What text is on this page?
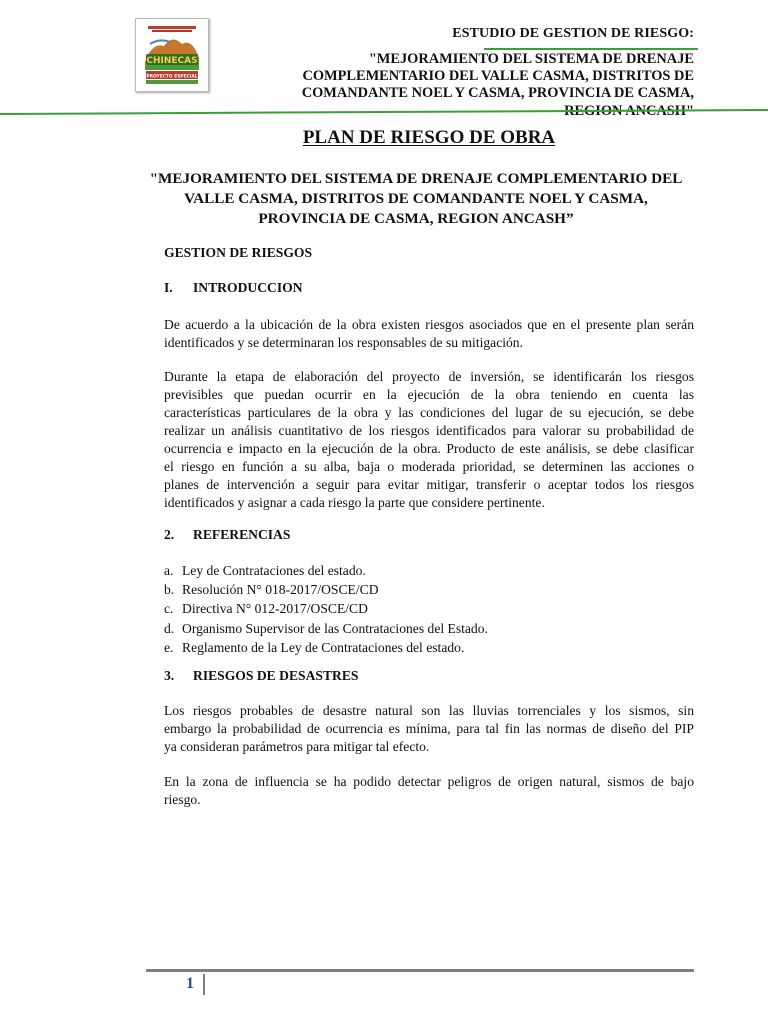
CHINECAS
PROYECTO ESPECIAL
ESTUDIO DE GESTION DE RIESGO:
"MEJORAMIENTO DEL SISTEMA DE DRENAJE
COMPLEMENTARIO DEL VALLE CASMA, DISTRITOS DE
COMANDANTE NOEL Y CASMA, PROVINCIA DE CASMA,
REGION ANCASH"
PLAN DE RIESGO DE OBRA
"MEJORAMIENTO DEL SISTEMA DE DRENAJE COMPLEMENTARIO DEL
VALLE CASMA, DISTRITOS DE COMANDANTE NOEL Y CASMA,
PROVINCIA DE CASMA, REGION ANCASH”
GESTION DE RIESGOS
I. INTRODUCCION
De acuerdo a la ubicación de la obra existen riesgos asociados que en el presente plan serán
identificados y se determinaran los responsables de su mitigación.
Durante la etapa de elaboración del proyecto de inversión, se identificarán los riesgos
previsibles que puedan ocurrir en la ejecución de la obra teniendo en cuenta las
características particulares de la obra y las condiciones del lugar de su ejecución, se debe
realizar un análisis cuantitativo de los riesgos identificados para valorar su probabilidad de
ocurrencia e impacto en la ejecución de la obra. Producto de este análisis, se debe clasificar
el riesgo en función a su alba, baja o moderada prioridad, se determinen las acciones o
planes de intervención a seguir para evitar mitigar, transferir o aceptar todos los riesgos
identificados y asignar a cada riesgo la parte que considere pertinente.
2. REFERENCIAS
a. Ley de Contrataciones del estado.
b. Resolución N° 018-2017/OSCE/CD
c. Directiva N° 012-2017/OSCE/CD
d. Organismo Supervisor de las Contrataciones del Estado.
e. Reglamento de la Ley de Contrataciones del estado.
3. RIESGOS DE DESASTRES
Los riesgos probables de desastre natural son las lluvias torrenciales y los sismos, sin
embargo la probabilidad de ocurrencia es mínima, para tal fin las normas de diseño del PIP
ya consideran parámetros para mitigar tal efecto.
En la zona de influencia se ha podido detectar peligros de origen natural, sismos de bajo
riesgo.
1
